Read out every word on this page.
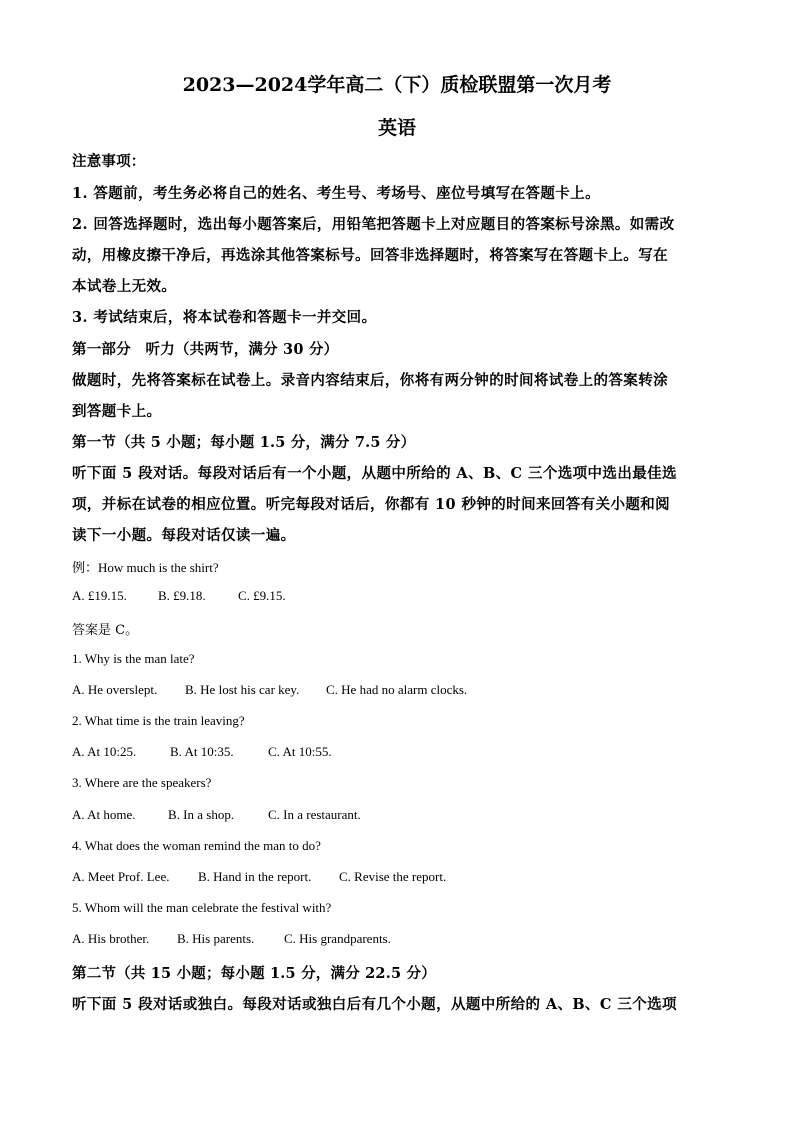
2023—2024学年高二（下）质检联盟第一次月考
英语
注意事项：
1. 答题前，考生务必将自己的姓名、考生号、考场号、座位号填写在答题卡上。
2. 回答选择题时，选出每小题答案后，用铅笔把答题卡上对应题目的答案标号涂黑。如需改
动，用橡皮擦干净后，再选涂其他答案标号。回答非选择题时，将答案写在答题卡上。写在
本试卷上无效。
3. 考试结束后，将本试卷和答题卡一并交回。
第一部分　听力（共两节，满分 30 分）
做题时，先将答案标在试卷上。录音内容结束后，你将有两分钟的时间将试卷上的答案转涂
到答题卡上。
第一节（共 5 小题；每小题 1.5 分，满分 7.5 分）
听下面 5 段对话。每段对话后有一个小题，从题中所给的 A、B、C 三个选项中选出最佳选
项，并标在试卷的相应位置。听完每段对话后，你都有 10 秒钟的时间来回答有关小题和阅
读下一小题。每段对话仅读一遍。
例：How much is the shirt?
A. £19.15. B. £9.18. C. £9.15.
答案是 C。
1. Why is the man late?
A. He overslept. B. He lost his car key. C. He had no alarm clocks.
2. What time is the train leaving?
A. At 10:25.	B. At 10:35.	C. At 10:55.
3. Where are the speakers?
A. At home. B. In a shop.	C. In a restaurant.
4. What does the woman remind the man to do?
A. Meet Prof. Lee. B. Hand in the report. C. Revise the report.
5. Whom will the man celebrate the festival with?
A. His brother. B. His parents. C. His grandparents.
第二节（共 15 小题；每小题 1.5 分，满分 22.5 分）
听下面 5 段对话或独白。每段对话或独白后有几个小题，从题中所给的 A、B、C 三个选项
